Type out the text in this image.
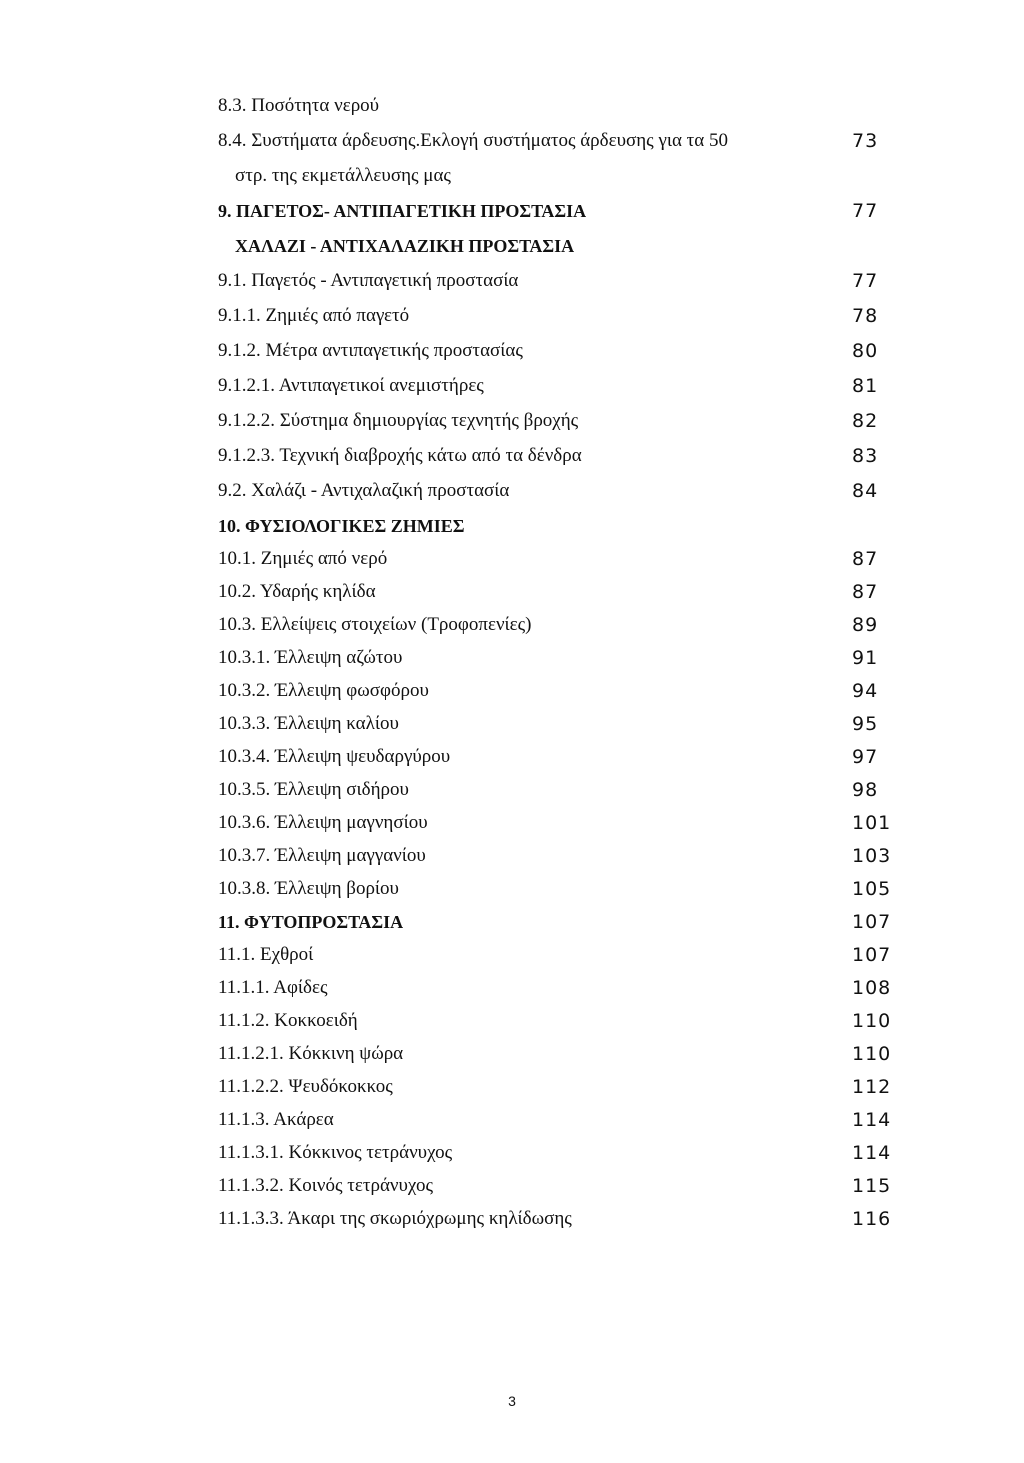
8.3. Ποσότητα νερού
8.4. Συστήματα άρδευσης.Εκλογή συστήματος άρδευσης για τα 50	73
στρ. της εκμετάλλευσης μας
9. ΠΑΓΕΤΟΣ- ΑΝΤΙΠΑΓΕΤΙΚΗ ΠΡΟΣΤΑΣΙΑ	77
ΧΑΛΑΖΙ - ΑΝΤΙΧΑΛΑΖΙΚΗ ΠΡΟΣΤΑΣΙΑ
9.1. Παγετός - Αντιπαγετική προστασία	77
9.1.1. Ζημιές από παγετό	78
9.1.2. Μέτρα αντιπαγετικής προστασίας	80
9.1.2.1. Αντιπαγετικοί ανεμιστήρες	81
9.1.2.2. Σύστημα δημιουργίας τεχνητής βροχής	82
9.1.2.3. Τεχνική διαβροχής κάτω από τα δένδρα	83
9.2. Χαλάζι - Αντιχαλαζική προστασία	84
10. ΦΥΣΙΟΛΟΓΙΚΕΣ ΖΗΜΙΕΣ
10.1. Ζημιές από νερό	87
10.2. Υδαρής κηλίδα	87
10.3. Ελλείψεις στοιχείων (Τροφοπενίες)	89
10.3.1. Έλλειψη αζώτου	91
10.3.2. Έλλειψη φωσφόρου	94
10.3.3. Έλλειψη καλίου	95
10.3.4. Έλλειψη ψευδαργύρου	97
10.3.5. Έλλειψη σιδήρου	98
10.3.6. Έλλειψη μαγνησίου	101
10.3.7. Έλλειψη μαγγανίου	103
10.3.8. Έλλειψη βορίου	105
11. ΦΥΤΟΠΡΟΣΤΑΣΙΑ	107
11.1. Εχθροί	107
11.1.1. Αφίδες	108
11.1.2. Κοκκοειδή	110
11.1.2.1. Κόκκινη ψώρα	110
11.1.2.2. Ψευδόκοκκος	112
11.1.3. Ακάρεα	114
11.1.3.1. Κόκκινος τετράνυχος	114
11.1.3.2. Κοινός τετράνυχος	115
11.1.3.3. Άκαρι της σκωριόχρωμης κηλίδωσης	116
3
